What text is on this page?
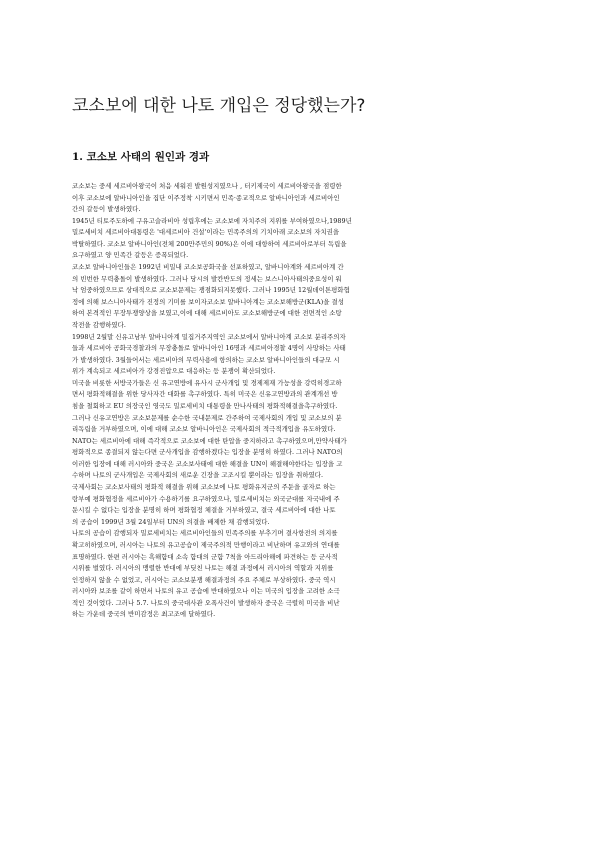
코소보에 대한 나토 개입은 정당했는가?
1. 코소보 사태의 원인과 경과
코소보는 중세 세르비아왕국이 처음 세워진 발원성지였으나 , 터키제국이 세르비아왕국을 점령한
이후 코소보에 알바니아인을 집단 이주정착 시키면서 민족·종교적으로 알바니아인과 세르비아인
간의 갈등이 발생하였다.
1945년 티토주도하에 구유고슬라비아 성립후에는 코소보에 자치주의 지위를 부여하였으나,1989년
밀로세비치 세르비아대통령은 '대세르비아 건설'이라는 민족주의의 기치아래 코소보의 자치권을
박탈하였다. 코소보 알바니아인(전체 200만주민의 90%)은 이에 대항하여 세르비아로부터 독립을
요구하였고 양 민족간 갈등은 증폭되었다.
코소보 알바니아인들은 1992년 비밀내 코소보공화국을 선포하였고, 알바니아계와 세르비아계 간
의 빈번한 무력충돌이 발생하였다. 그러나 당시의 발칸반도의 정세는 보스니아사태의중요성이 워
낙 엄중하였으므로 상대적으로 코소보문제는 쟁점화되지못했다. 그러나 1995년 12월데이톤평화협
정에 의해 보스니아사태가 진정의 기미를 보이자코소보 알바니아계는 코소보해방군(KLA)을 결성
하여 본격적인 무장투쟁양상을 보였고,이에 대해 세르비아도 코소보해방군에 대한 전면적인 소탕
작전을 감행하였다.
1998년 2월말 신유고남부 알바니아계 밀집거주지역인 코소보에서 알바니아계 코소보 분리주의자
들과 세르비아 공화국경찰과의 무장충돌로 알바니아인 16명과 세르비아경찰 4명이 사망하는 사태
가 발생하였다. 3월들어서는 세르비아의 무력사용에 항의하는 코소보 알바니아인들의 대규모 시
위가 계속되고 세르비아가 강경진압으로 대응하는 등 분쟁이 확산되었다.
미국을 비롯한 서방국가들은 신 유고연방에 유사시 군사개입 및 경제제재 가능성을 강력히경고하
면서 평화적해결을 위한 당사자간 대화를 촉구하였다. 특히 미국은 신유고연방과의 관계개선 방
침을 철회하고 EU 의장국인 영국도 밀로세비치 대통령을 만나사태의 평화적해결을촉구하였다.
그러나 신유고연방은 코소보문제를 순수한 국내문제로 간주하여 국제사회의 개입 및 코소보의 분
리독립을 거부하였으며, 이에 대해 코소보 알바니아인은 국제사회의 적극적개입을 유도하였다.
NATO는 세르비아에 대해 즉각적으로 코소보에 대한 탄압을 중지하라고 촉구하였으며,만약사태가
평화적으로 종결되지 않는다면 군사개입을 감행하겠다는 입장을 분명히 하였다. 그러나 NATO의
이러한 입장에 대해 러시아와 중국은 코소보사태에 대한 해결을 UN이 해결해야한다는 입장을 고
수하며 나토의 군사개입은 국제사회의 새로운 긴장을 고조시킬 뿐이라는 입장을 취하였다.
국제사회는 코소보사태의 평화적 해결을 위해 코소보에 나토 평화유지군의 주둔을 골자로 하는
랑부예 평화협정을 세르비아가 수용하기를 요구하였으나, 밀로세비치는 외국군대를 자국내에 주
둔시킬 수 없다는 입장을 분명히 하며 평화협정 체결을 거부하였고, 결국 세르비아에 대한 나토
의 공습이 1999년 3월 24일부터 UN의 의결을 배제한 채 감행되었다.
나토의 공습이 감행되자 밀로세비치는 세르비아인들의 민족주의를 부추기며 결사항전의 의지를
확고히하였으며, 러시아는 나토의 유고공습이 제국주의적 만행이라고 비난하며 유고와의 연대를
표명하였다. 한편 러시아는 흑해함대 소속 함대의 군함 7척을 아드리아해에 파견하는 등 군사적
시위를 벌였다. 러시아의 맹렬한 반대에 부딪친 나토는 해결 과정에서 러시아의 역할과 지위를
인정하지 않을 수 없었고, 러시아는 코소보분쟁 해결과정의 주요 주체로 부상하였다. 중국 역시
러시아와 보조를 같이 하면서 나토의 유고 공습에 반대하였으나 이는 미국의 입장을 고려한 소극
적인 것이었다. 그러나 5.7. 나토의 중국대사관 오폭사건이 발생하자 중국은 극렬히 미국을 비난
하는 가운데 중국의 반미감정은 최고조에 달하였다.
